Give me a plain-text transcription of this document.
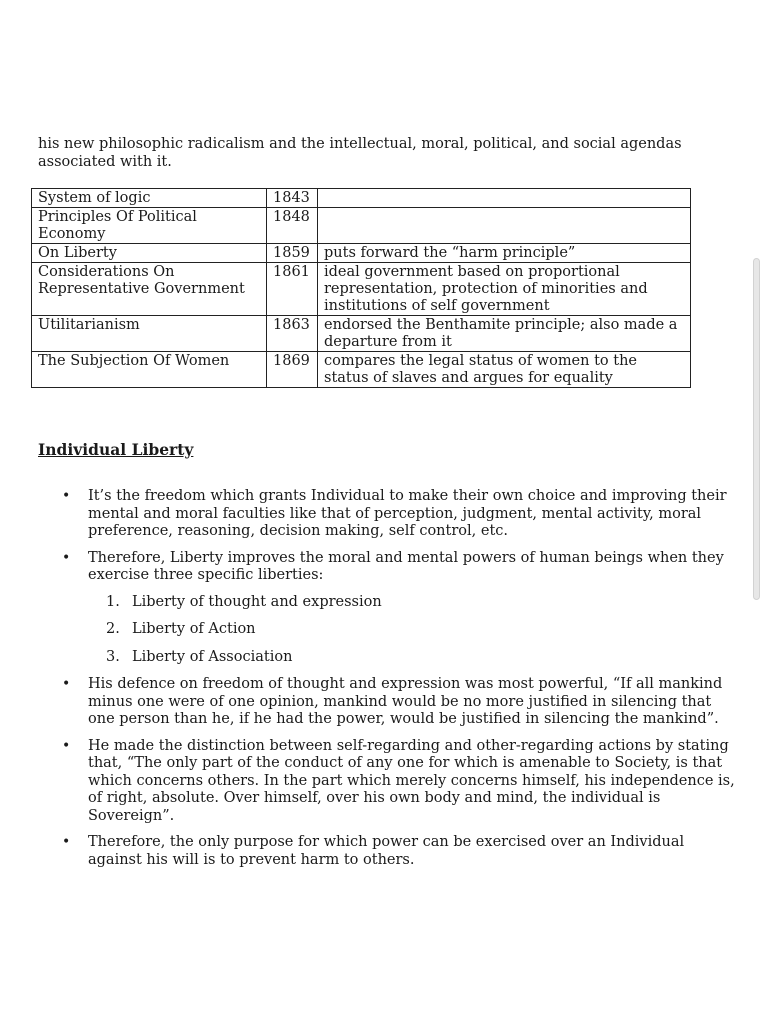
his new philosophic radicalism and the intellectual, moral, political, and social agendas associated with it.

System of logic	1843	
Principles Of Political Economy	1848	
On Liberty	1859	puts forward the “harm principle”
Considerations On Representative Government	1861	ideal government based on proportional representation, protection of minorities and institutions of self government
Utilitarianism	1863	endorsed the Benthamite principle; also made a departure from it
The Subjection Of Women	1869	compares the legal status of women to the status of slaves and argues for equality
Individual Liberty
• It’s the freedom which grants Individual to make their own choice and improving their mental and moral faculties like that of perception, judgment, mental activity, moral preference, reasoning, decision making, self control, etc.
• Therefore, Liberty improves the moral and mental powers of human beings when they exercise three specific liberties:
1. Liberty of thought and expression
2. Liberty of Action
3. Liberty of Association
• His defence on freedom of thought and expression was most powerful, “If all mankind minus one were of one opinion, mankind would be no more justified in silencing that one person than he, if he had the power, would be justified in silencing the mankind”.
• He made the distinction between self-regarding and other-regarding actions by stating that, “The only part of the conduct of any one for which is amenable to Society, is that which concerns others. In the part which merely concerns himself, his independence is, of right, absolute. Over himself, over his own body and mind, the individual is Sovereign”.
• Therefore, the only purpose for which power can be exercised over an Individual against his will is to prevent harm to others.
